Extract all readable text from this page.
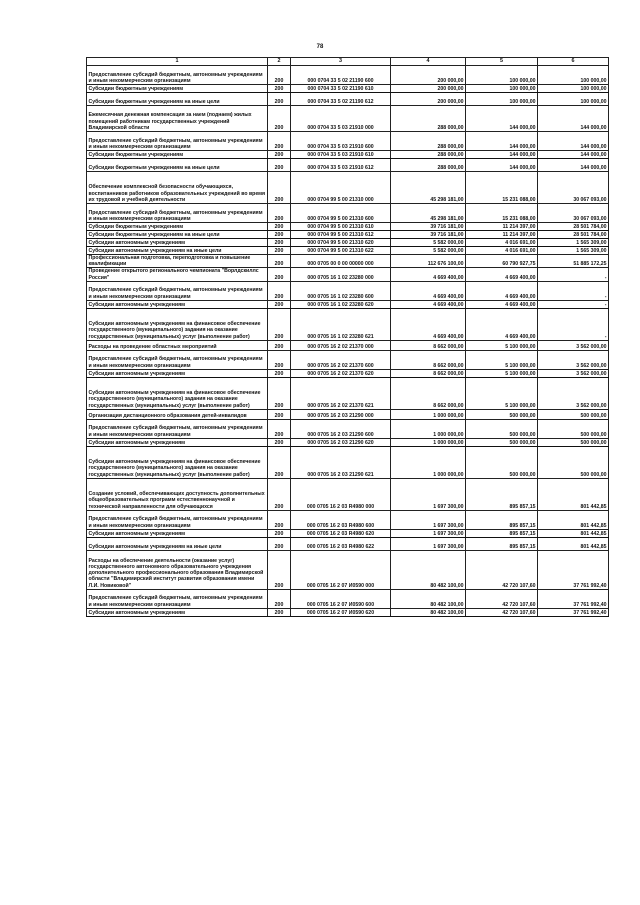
78
1	2	3	4	5	6
Предоставление субсидий бюджетным, автономным учреждениям и иным некоммерческим организациям	200	000 0704 33 5 02 21190 600	200 000,00	100 000,00	100 000,00
Субсидии бюджетным учреждениям	200	000 0704 33 5 02 21190 610	200 000,00	100 000,00	100 000,00
Субсидии бюджетным учреждениям на иные цели	200	000 0704 33 5 02 21190 612	200 000,00	100 000,00	100 000,00
Ежемесячная денежная компенсация за наем (поднаем) жилых помещений работникам государственных учреждений Владимирской области	200	000 0704 33 5 03 21910 000	288 000,00	144 000,00	144 000,00
Предоставление субсидий бюджетным, автономным учреждениям и иным некоммерческим организациям	200	000 0704 33 5 03 21910 600	288 000,00	144 000,00	144 000,00
Субсидии бюджетным учреждениям	200	000 0704 33 5 03 21910 610	288 000,00	144 000,00	144 000,00
Субсидии бюджетным учреждениям на иные цели	200	000 0704 33 5 03 21910 612	288 000,00	144 000,00	144 000,00
Обеспечение комплексной безопасности обучающихся, воспитанников работников образовательных учреждений во время их трудовой и учебной деятельности	200	000 0704 99 5 00 21310 000	45 298 181,00	15 231 088,00	30 067 093,00
Предоставление субсидий бюджетным, автономным учреждениям и иным некоммерческим организациям	200	000 0704 99 5 00 21310 600	45 298 181,00	15 231 088,00	30 067 093,00
Субсидии бюджетным учреждениям	200	000 0704 99 5 00 21310 610	39 716 181,00	11 214 397,00	28 501 784,00
Субсидии бюджетным учреждениям на иные цели	200	000 0704 99 5 00 21310 612	39 716 181,00	11 214 397,00	28 501 784,00
Субсидии автономным учреждениям	200	000 0704 99 5 00 21310 620	5 582 000,00	4 016 691,00	1 565 309,00
Субсидии автономным учреждениям на иные цели	200	000 0704 99 5 00 21310 622	5 582 000,00	4 016 691,00	1 565 309,00
Профессиональная подготовка, переподготовка и повышение квалификации	200	000 0705 00 0 00 00000 000	112 676 100,00	60 790 927,75	51 885 172,25
Проведение открытого регионального чемпионата "Ворлдскиллс Россия"	200	000 0705 16 1 02 23280 000	4 669 400,00	4 669 400,00	-
Предоставление субсидий бюджетным, автономным учреждениям и иным некоммерческим организациям	200	000 0705 16 1 02 23280 600	4 669 400,00	4 669 400,00	-
Субсидии автономным учреждениям	200	000 0705 16 1 02 23280 620	4 669 400,00	4 669 400,00	-
Субсидии автономным учреждениям на финансовое обеспечение государственного (муниципального) задания на оказание государственных (муниципальных) услуг (выполнение работ)	200	000 0705 16 1 02 23280 621	4 669 400,00	4 669 400,00	-
Расходы на проведение областных мероприятий	200	000 0705 16 2 02 21370 000	8 662 000,00	5 100 000,00	3 562 000,00
Предоставление субсидий бюджетным, автономным учреждениям и иным некоммерческим организациям	200	000 0705 16 2 02 21370 600	8 662 000,00	5 100 000,00	3 562 000,00
Субсидии автономным учреждениям	200	000 0705 16 2 02 21370 620	8 662 000,00	5 100 000,00	3 562 000,00
Субсидии автономным учреждениям на финансовое обеспечение государственного (муниципального) задания на оказание государственных (муниципальных) услуг (выполнение работ)	200	000 0705 16 2 02 21370 621	8 662 000,00	5 100 000,00	3 562 000,00
Организация дистанционного образования детей-инвалидов	200	000 0705 16 2 03 21290 000	1 000 000,00	500 000,00	500 000,00
Предоставление субсидий бюджетным, автономным учреждениям и иным некоммерческим организациям	200	000 0705 16 2 03 21290 600	1 000 000,00	500 000,00	500 000,00
Субсидии автономным учреждениям	200	000 0705 16 2 03 21290 620	1 000 000,00	500 000,00	500 000,00
Субсидии автономным учреждениям на финансовое обеспечение государственного (муниципального) задания на оказание государственных (муниципальных) услуг (выполнение работ)	200	000 0705 16 2 03 21290 621	1 000 000,00	500 000,00	500 000,00
Создание условий, обеспечивающих доступность дополнительных общеобразовательных программ естественнонаучной и технической направленности для обучающихся	200	000 0705 16 2 03 R4980 000	1 697 300,00	895 857,15	801 442,85
Предоставление субсидий бюджетным, автономным учреждениям и иным некоммерческим организациям	200	000 0705 16 2 03 R4980 600	1 697 300,00	895 857,15	801 442,85
Субсидии автономным учреждениям	200	000 0705 16 2 03 R4980 620	1 697 300,00	895 857,15	801 442,85
Субсидии автономным учреждениям на иные цели	200	000 0705 16 2 03 R4980 622	1 697 300,00	895 857,15	801 442,85
Расходы на обеспечение деятельности (оказание услуг) государственного автономного образовательного учреждения дополнительного профессионального образования Владимирской области "Владимирский институт развития образования имени Л.И. Новиковой"	200	000 0705 16 2 07 И0590 000	80 482 100,00	42 720 107,60	37 761 992,40
Предоставление субсидий бюджетным, автономным учреждениям и иным некоммерческим организациям	200	000 0705 16 2 07 И0590 600	80 482 100,00	42 720 107,60	37 761 992,40
Субсидии автономным учреждениям	200	000 0705 16 2 07 И0590 620	80 482 100,00	42 720 107,60	37 761 992,40
